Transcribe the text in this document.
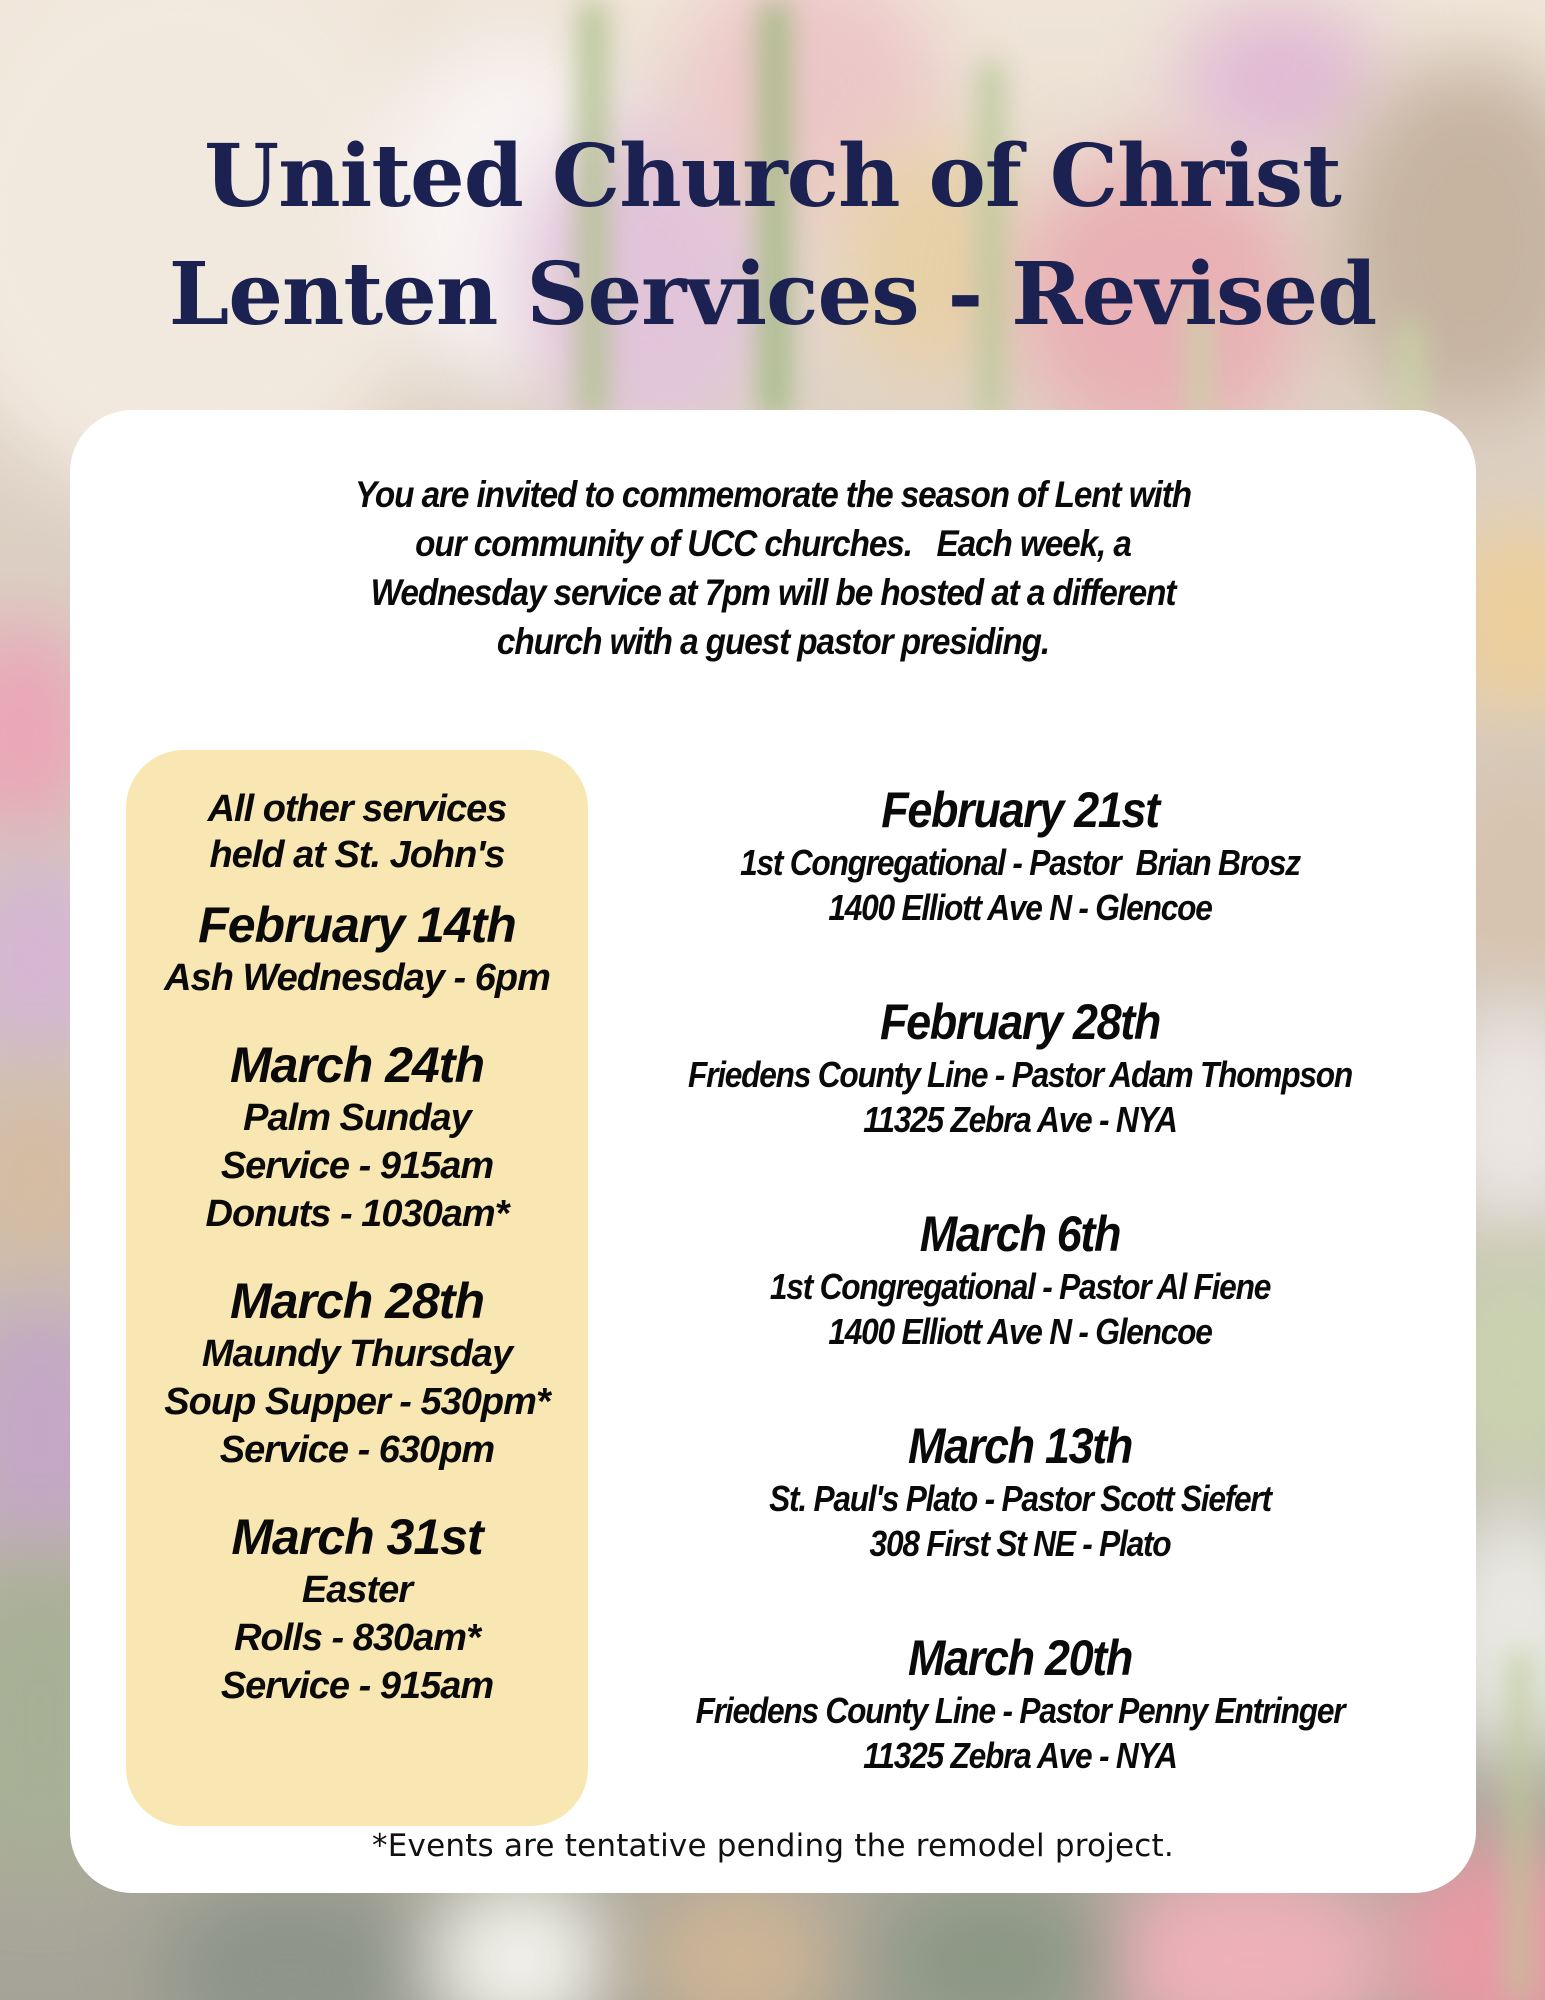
United Church of Christ
Lenten Services - Revised
You are invited to commemorate the season of Lent with
our community of UCC churches.   Each week, a
Wednesday service at 7pm will be hosted at a different
church with a guest pastor presiding.
All other services
held at St. John's
February 14th
Ash Wednesday - 6pm
March 24th
Palm Sunday
Service - 915am
Donuts - 1030am*
March 28th
Maundy Thursday
Soup Supper - 530pm*
Service - 630pm
March 31st
Easter
Rolls - 830am*
Service - 915am
February 21st
1st Congregational - Pastor  Brian Brosz
1400 Elliott Ave N - Glencoe
February 28th
Friedens County Line - Pastor Adam Thompson
11325 Zebra Ave - NYA
March 6th
1st Congregational - Pastor Al Fiene
1400 Elliott Ave N - Glencoe
March 13th
St. Paul's Plato - Pastor Scott Siefert
308 First St NE - Plato
March 20th
Friedens County Line - Pastor Penny Entringer
11325 Zebra Ave - NYA
*Events are tentative pending the remodel project.
